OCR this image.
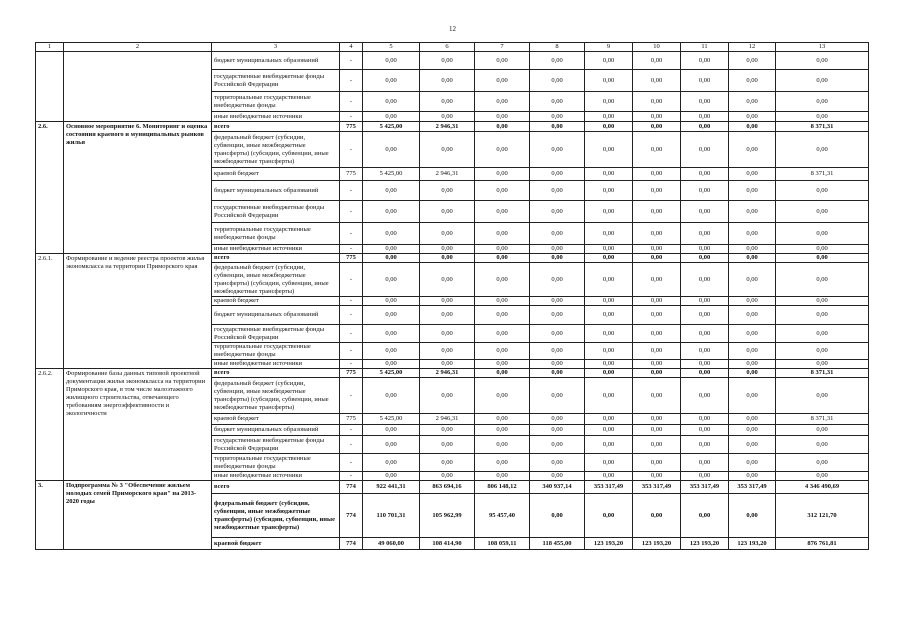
12
1	2	3	4	5	6	7	8	9	10	11	12	13
		бюджет муниципальных образований	-	0,00	0,00	0,00	0,00	0,00	0,00	0,00	0,00	0,00
		государственные внебюджетные фонды Российской Федерации	-	0,00	0,00	0,00	0,00	0,00	0,00	0,00	0,00	0,00
		территориальные государственные внебюджетные фонды	-	0,00	0,00	0,00	0,00	0,00	0,00	0,00	0,00	0,00
		иные внебюджетные источники	-	0,00	0,00	0,00	0,00	0,00	0,00	0,00	0,00	0,00
2.6.	Основное мероприятие 6. Мониторинг и оценка состояния краевого и муниципальных рынков жилья	всего	775	5 425,00	2 946,31	0,00	0,00	0,00	0,00	0,00	0,00	8 371,31
		федеральный бюджет (субсидии, субвенции, иные межбюджетные трансферты) (субсидии, субвенции, иные межбюджетные трансферты)	-	0,00	0,00	0,00	0,00	0,00	0,00	0,00	0,00	0,00
		краевой бюджет	775	5 425,00	2 946,31	0,00	0,00	0,00	0,00	0,00	0,00	8 371,31
		бюджет муниципальных образований	-	0,00	0,00	0,00	0,00	0,00	0,00	0,00	0,00	0,00
		государственные внебюджетные фонды Российской Федерации	-	0,00	0,00	0,00	0,00	0,00	0,00	0,00	0,00	0,00
		территориальные государственные внебюджетные фонды	-	0,00	0,00	0,00	0,00	0,00	0,00	0,00	0,00	0,00
		иные внебюджетные источники	-	0,00	0,00	0,00	0,00	0,00	0,00	0,00	0,00	0,00
2.6.1.	Формирование и ведение реестра проектов жилья экономкласса на территории Приморского края	всего	775	0,00	0,00	0,00	0,00	0,00	0,00	0,00	0,00	0,00
		федеральный бюджет (субсидии, субвенции, иные межбюджетные трансферты) (субсидии, субвенции, иные межбюджетные трансферты)	-	0,00	0,00	0,00	0,00	0,00	0,00	0,00	0,00	0,00
		краевой бюджет	-	0,00	0,00	0,00	0,00	0,00	0,00	0,00	0,00	0,00
		бюджет муниципальных образований	-	0,00	0,00	0,00	0,00	0,00	0,00	0,00	0,00	0,00
		государственные внебюджетные фонды Российской Федерации	-	0,00	0,00	0,00	0,00	0,00	0,00	0,00	0,00	0,00
		территориальные государственные внебюджетные фонды	-	0,00	0,00	0,00	0,00	0,00	0,00	0,00	0,00	0,00
		иные внебюджетные источники	-	0,00	0,00	0,00	0,00	0,00	0,00	0,00	0,00	0,00
2.6.2.	Формирование базы данных типовой проектной документации жилья экономкласса на территории Приморского края, в том числе малоэтажного жилищного строительства, отвечающего требованиям энергоэффективности и экологичности	всего	775	5 425,00	2 946,31	0,00	0,00	0,00	0,00	0,00	0,00	8 371,31
		федеральный бюджет (субсидии, субвенции, иные межбюджетные трансферты) (субсидии, субвенции, иные межбюджетные трансферты)	-	0,00	0,00	0,00	0,00	0,00	0,00	0,00	0,00	0,00
		краевой бюджет	775	5 425,00	2 946,31	0,00	0,00	0,00	0,00	0,00	0,00	8 371,31
		бюджет муниципальных образований	-	0,00	0,00	0,00	0,00	0,00	0,00	0,00	0,00	0,00
		государственные внебюджетные фонды Российской Федерации	-	0,00	0,00	0,00	0,00	0,00	0,00	0,00	0,00	0,00
		территориальные государственные внебюджетные фонды	-	0,00	0,00	0,00	0,00	0,00	0,00	0,00	0,00	0,00
		иные внебюджетные источники	-	0,00	0,00	0,00	0,00	0,00	0,00	0,00	0,00	0,00
3.	Подпрограмма № 3 "Обеспечение жильем молодых семей Приморского края" на 2013-2020 годы	всего	774	922 441,31	863 694,16	806 148,12	340 937,14	353 317,49	353 317,49	353 317,49	353 317,49	4 346 490,69
		федеральный бюджет (субсидии, субвенции, иные межбюджетные трансферты) (субсидии, субвенции, иные межбюджетные трансферты)	774	110 701,31	105 962,99	95 457,40	0,00	0,00	0,00	0,00	0,00	312 121,70
		краевой бюджет	774	49 060,00	108 414,90	108 059,11	118 455,00	123 193,20	123 193,20	123 193,20	123 193,20	876 761,81
